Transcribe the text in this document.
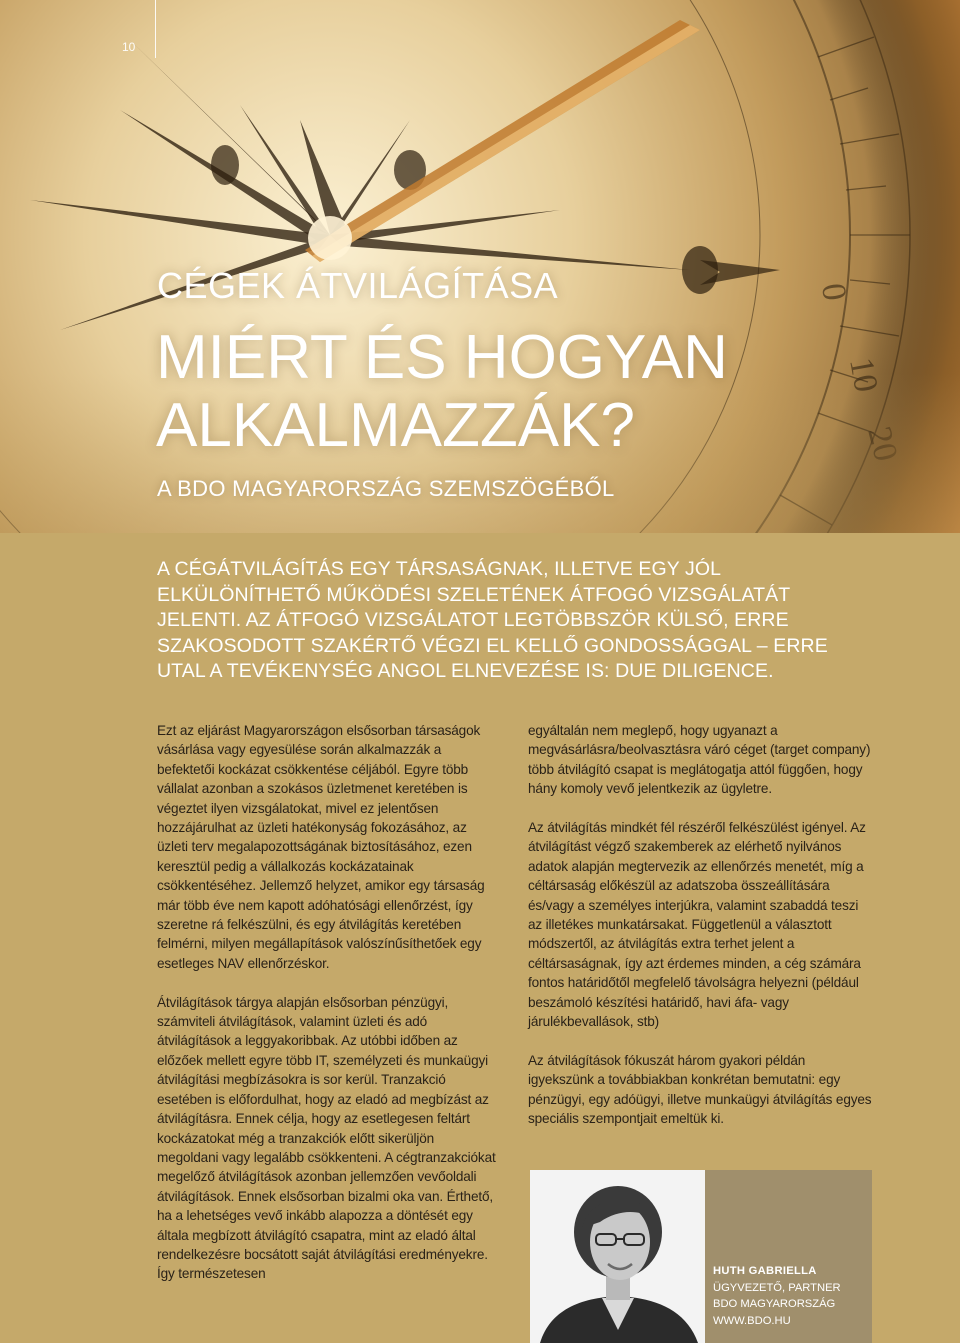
10
CÉGEK ÁTVILÁGÍTÁSA
MIÉRT ÉS HOGYAN
ALKALMAZZÁK?
A BDO MAGYARORSZÁG SZEMSZÖGÉBŐL
A CÉGÁTVILÁGÍTÁS EGY TÁRSASÁGNAK, ILLETVE EGY JÓL ELKÜLÖNÍTHETŐ MŰKÖDÉSI SZELETÉNEK ÁTFOGÓ VIZSGÁLATÁT JELENTI. AZ ÁTFOGÓ VIZSGÁLATOT LEGTÖBBSZÖR KÜLSŐ, ERRE SZAKOSODOTT SZAKÉRTŐ VÉGZI EL KELLŐ GONDOSSÁGGAL – ERRE UTAL A TEVÉKENYSÉG ANGOL ELNEVEZÉSE IS: DUE DILIGENCE.

Ezt az eljárást Magyarországon elsősorban társaságok vásárlása vagy egyesülése során alkalmazzák a befektetői kockázat csökkentése céljából. Egyre több vállalat azonban a szokásos üzletmenet keretében is végeztet ilyen vizsgálatokat, mivel ez jelentősen hozzájárulhat az üzleti hatékonyság fokozásához, az üzleti terv megalapozottságának biztosításához, ezen keresztül pedig a vállalkozás kockázatainak csökkentéséhez. Jellemző helyzet, amikor egy társaság már több éve nem kapott adóhatósági ellenőrzést, így szeretne rá felkészülni, és egy átvilágítás keretében felmérni, milyen megállapítások valószínűsíthetőek egy esetleges NAV ellenőrzéskor.

Átvilágítások tárgya alapján elsősorban pénzügyi, számviteli átvilágítások, valamint üzleti és adó átvilágítások a leggyakoribbak. Az utóbbi időben az előzőek mellett egyre több IT, személyzeti és munkaügyi átvilágítási megbízásokra is sor kerül. Tranzakció esetében is előfordulhat, hogy az eladó ad megbízást az átvilágításra. Ennek célja, hogy az esetlegesen feltárt kockázatokat még a tranzakciók előtt sikerüljön megoldani vagy legalább csökkenteni. A cégtranzakciókat megelőző átvilágítások azonban jellemzően vevőoldali átvilágítások. Ennek elsősorban bizalmi oka van. Érthető, ha a lehetséges vevő inkább alapozza a döntését egy általa megbízott átvilágító csapatra, mint az eladó által rendelkezésre bocsátott saját átvilágítási eredményekre. Így természetesen

egyáltalán nem meglepő, hogy ugyanazt a megvásárlásra/beolvasztásra váró céget (target company) több átvilágító csapat is meglátogatja attól függően, hogy hány komoly vevő jelentkezik az ügyletre.

Az átvilágítás mindkét fél részéről felkészülést igényel. Az átvilágítást végző szakemberek az elérhető nyilvános adatok alapján megtervezik az ellenőrzés menetét, míg a céltársaság előkészül az adatszoba összeállítására és/vagy a személyes interjúkra, valamint szabaddá teszi az illetékes munkatársakat. Függetlenül a választott módszertől, az átvilágítás extra terhet jelent a céltársaságnak, így azt érdemes minden, a cég számára fontos határidőtől megfelelő távolságra helyezni (például beszámoló készítési határidő, havi áfa- vagy járulékbevallások, stb)

Az átvilágítások fókuszát három gyakori példán igyekszünk a továbbiakban konkrétan bemutatni: egy pénzügyi, egy adóügyi, illetve munkaügyi átvilágítás egyes speciális szempontjait emeltük ki.

HUTH GABRIELLA
ÜGYVEZETŐ, PARTNER
BDO MAGYARORSZÁG
WWW.BDO.HU
